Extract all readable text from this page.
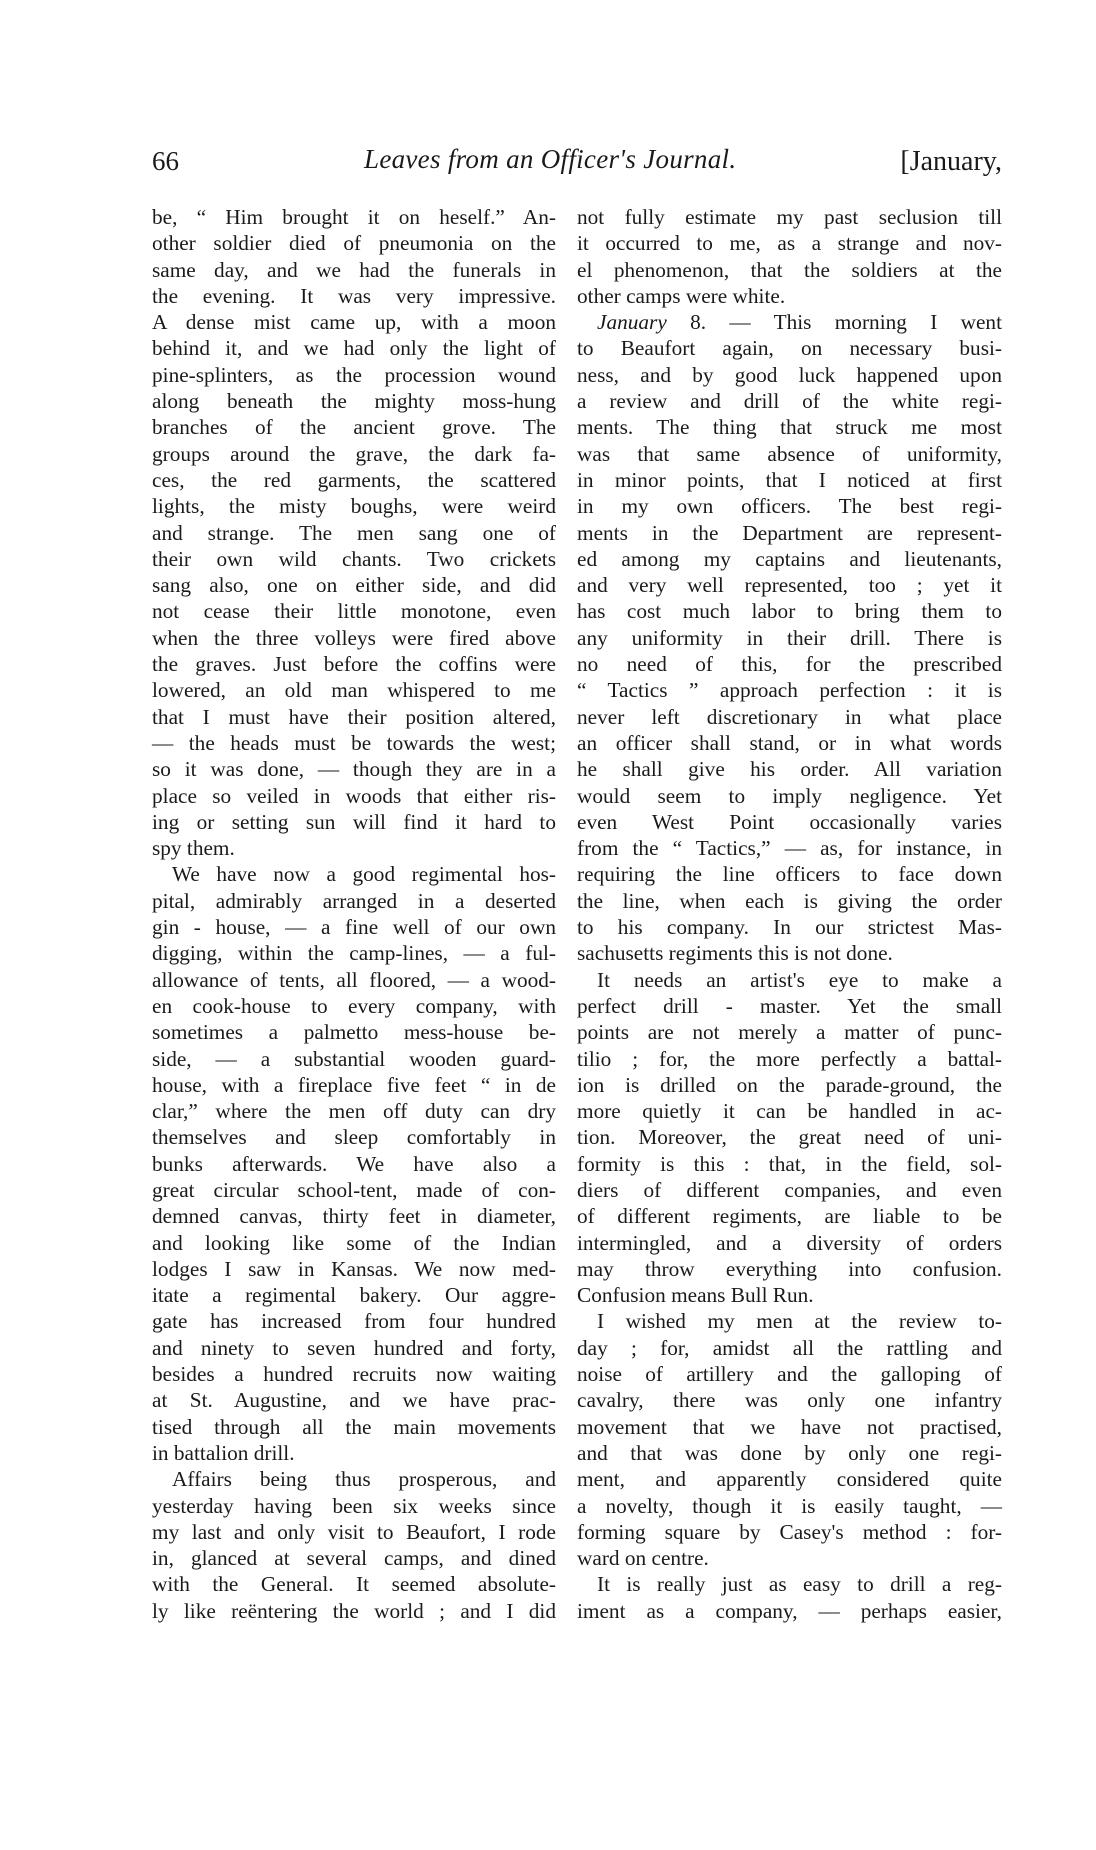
66	Leaves from an Officer's Journal.	[January,
be, “ Him brought it on heself.” An-
other soldier died of pneumonia on the
same day, and we had the funerals in
the evening. It was very impressive.
A dense mist came up, with a moon
behind it, and we had only the light of
pine-splinters, as the procession wound
along beneath the mighty moss-hung
branches of the ancient grove. The
groups around the grave, the dark fa-
ces, the red garments, the scattered
lights, the misty boughs, were weird
and strange. The men sang one of
their own wild chants. Two crickets
sang also, one on either side, and did
not cease their little monotone, even
when the three volleys were fired above
the graves. Just before the coffins were
lowered, an old man whispered to me
that I must have their position altered,
— the heads must be towards the west;
so it was done, — though they are in a
place so veiled in woods that either ris-
ing or setting sun will find it hard to
spy them.
We have now a good regimental hos-
pital, admirably arranged in a deserted
gin - house, — a fine well of our own
digging, within the camp-lines, — a ful-
allowance of tents, all floored, — a wood-
en cook-house to every company, with
sometimes a palmetto mess-house be-
side, — a substantial wooden guard-
house, with a fireplace five feet “ in de
clar,” where the men off duty can dry
themselves and sleep comfortably in
bunks afterwards. We have also a
great circular school-tent, made of con-
demned canvas, thirty feet in diameter,
and looking like some of the Indian
lodges I saw in Kansas. We now med-
itate a regimental bakery. Our aggre-
gate has increased from four hundred
and ninety to seven hundred and forty,
besides a hundred recruits now waiting
at St. Augustine, and we have prac-
tised through all the main movements
in battalion drill.
Affairs being thus prosperous, and
yesterday having been six weeks since
my last and only visit to Beaufort, I rode
in, glanced at several camps, and dined
with the General. It seemed absolute-
ly like reëntering the world ; and I did
not fully estimate my past seclusion till
it occurred to me, as a strange and nov-
el phenomenon, that the soldiers at the
other camps were white.
January 8. — This morning I went
to Beaufort again, on necessary busi-
ness, and by good luck happened upon
a review and drill of the white regi-
ments. The thing that struck me most
was that same absence of uniformity,
in minor points, that I noticed at first
in my own officers. The best regi-
ments in the Department are represent-
ed among my captains and lieutenants,
and very well represented, too ; yet it
has cost much labor to bring them to
any uniformity in their drill. There is
no need of this, for the prescribed
“ Tactics ” approach perfection : it is
never left discretionary in what place
an officer shall stand, or in what words
he shall give his order. All variation
would seem to imply negligence. Yet
even West Point occasionally varies
from the “ Tactics,” — as, for instance, in
requiring the line officers to face down
the line, when each is giving the order
to his company. In our strictest Mas-
sachusetts regiments this is not done.
It needs an artist's eye to make a
perfect drill - master. Yet the small
points are not merely a matter of punc-
tilio ; for, the more perfectly a battal-
ion is drilled on the parade-ground, the
more quietly it can be handled in ac-
tion. Moreover, the great need of uni-
formity is this : that, in the field, sol-
diers of different companies, and even
of different regiments, are liable to be
intermingled, and a diversity of orders
may throw everything into confusion.
Confusion means Bull Run.
I wished my men at the review to-
day ; for, amidst all the rattling and
noise of artillery and the galloping of
cavalry, there was only one infantry
movement that we have not practised,
and that was done by only one regi-
ment, and apparently considered quite
a novelty, though it is easily taught, —
forming square by Casey's method : for-
ward on centre.
It is really just as easy to drill a reg-
iment as a company, — perhaps easier,
